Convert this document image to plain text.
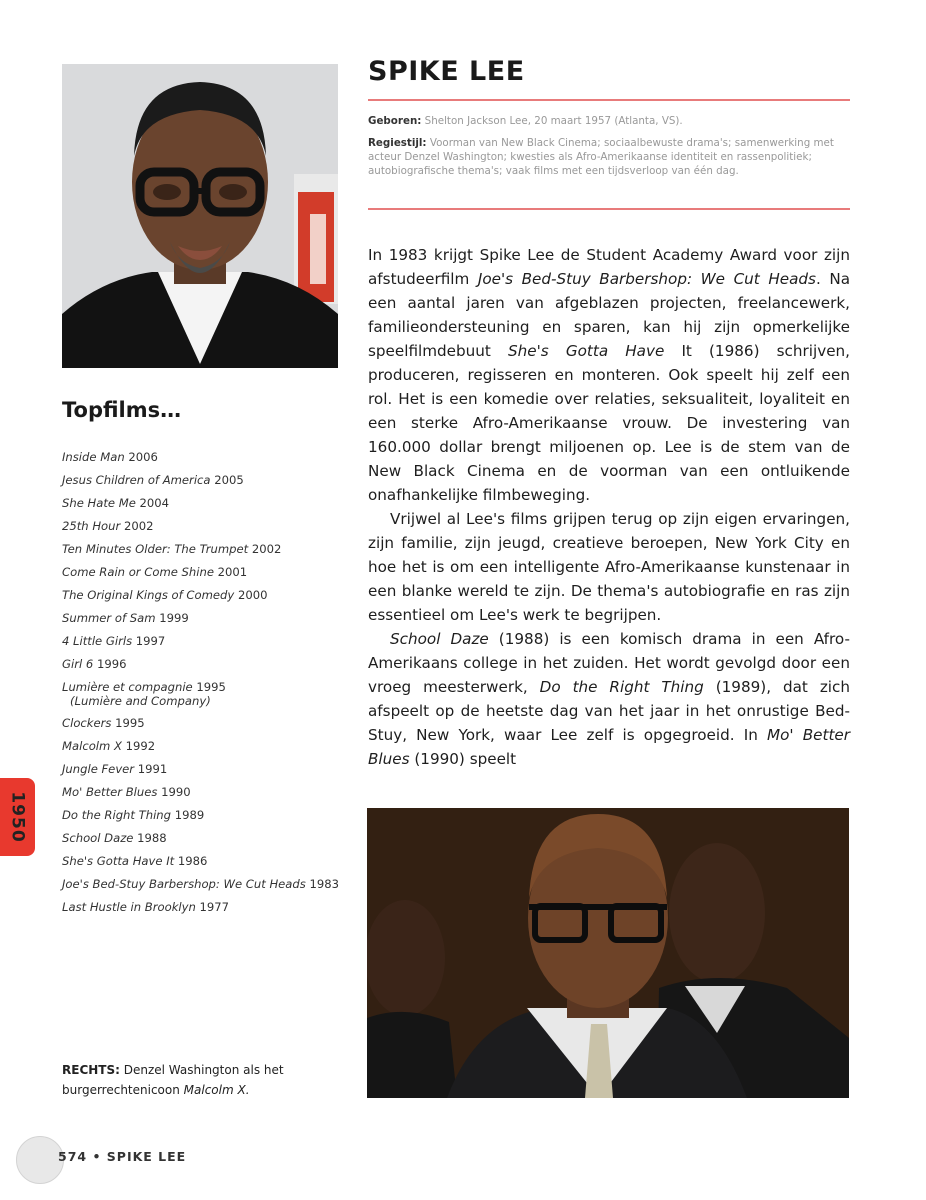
SPIKE LEE

Geboren: Shelton Jackson Lee, 20 maart 1957 (Atlanta, VS).

Regiestijl: Voorman van New Black Cinema; sociaalbewuste drama's; samenwerking met acteur Denzel Washington; kwesties als Afro-Amerikaanse identiteit en rassenpolitiek; autobiografische thema's; vaak films met een tijdsverloop van één dag.

In 1983 krijgt Spike Lee de Student Academy Award voor zijn afstudeerfilm Joe's Bed-Stuy Barbershop: We Cut Heads. Na een aantal jaren van afgeblazen projecten, freelancewerk, familieondersteuning en sparen, kan hij zijn opmerkelijke speelfilmdebuut She's Gotta Have It (1986) schrijven, produceren, regisseren en monteren. Ook speelt hij zelf een rol. Het is een komedie over relaties, seksualiteit, loyaliteit en een sterke Afro-Amerikaanse vrouw. De investering van 160.000 dollar brengt miljoenen op. Lee is de stem van de New Black Cinema en de voorman van een ontluikende onafhankelijke filmbeweging.

Vrijwel al Lee's films grijpen terug op zijn eigen ervaringen, zijn familie, zijn jeugd, creatieve beroepen, New York City en hoe het is om een intelligente Afro-Amerikaanse kunstenaar in een blanke wereld te zijn. De thema's autobiografie en ras zijn essentieel om Lee's werk te begrijpen.

School Daze (1988) is een komisch drama in een Afro-Amerikaans college in het zuiden. Het wordt gevolgd door een vroeg meesterwerk, Do the Right Thing (1989), dat zich afspeelt op de heetste dag van het jaar in het onrustige Bed-Stuy, New York, waar Lee zelf is opgegroeid. In Mo' Better Blues (1990) speelt

Topfilms…
Inside Man 2006
Jesus Children of America 2005
She Hate Me 2004
25th Hour 2002
Ten Minutes Older: The Trumpet 2002
Come Rain or Come Shine 2001
The Original Kings of Comedy 2000
Summer of Sam 1999
4 Little Girls 1997
Girl 6 1996
Lumière et compagnie 1995
(Lumière and Company)
Clockers 1995
Malcolm X 1992
Jungle Fever 1991
Mo' Better Blues 1990
Do the Right Thing 1989
School Daze 1988
She's Gotta Have It 1986
Joe's Bed-Stuy Barbershop: We Cut Heads 1983
Last Hustle in Brooklyn 1977
1950
RECHTS: Denzel Washington als het burgerrechtenicoon Malcolm X.
574 • SPIKE LEE
